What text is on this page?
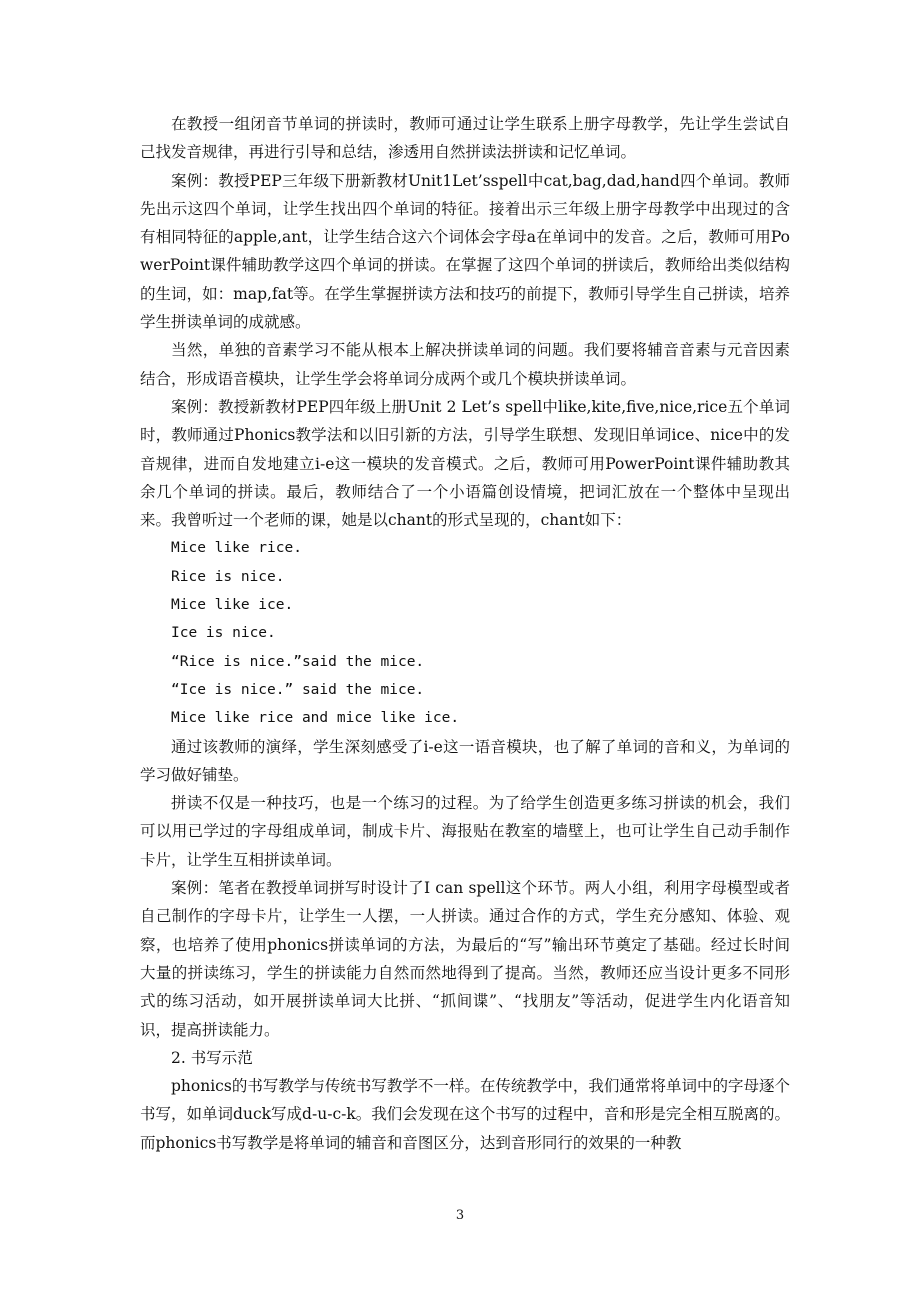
在教授一组闭音节单词的拼读时，教师可通过让学生联系上册字母教学，先让学生尝试自己找发音规律，再进行引导和总结，渗透用自然拼读法拼读和记忆单词。

案例：教授PEP三年级下册新教材Unit1Let’sspell中cat,bag,dad,hand四个单词。教师先出示这四个单词，让学生找出四个单词的特征。接着出示三年级上册字母教学中出现过的含有相同特征的apple,ant，让学生结合这六个词体会字母a在单词中的发音。之后，教师可用PowerPoint课件辅助教学这四个单词的拼读。在掌握了这四个单词的拼读后，教师给出类似结构的生词，如：map,fat等。在学生掌握拼读方法和技巧的前提下，教师引导学生自己拼读，培养学生拼读单词的成就感。

当然，单独的音素学习不能从根本上解决拼读单词的问题。我们要将辅音音素与元音因素结合，形成语音模块，让学生学会将单词分成两个或几个模块拼读单词。

案例：教授新教材PEP四年级上册Unit 2 Let’s spell中like,kite,five,nice,rice五个单词时，教师通过Phonics教学法和以旧引新的方法，引导学生联想、发现旧单词ice、nice中的发音规律，进而自发地建立i-e这一模块的发音模式。之后，教师可用PowerPoint课件辅助教其余几个单词的拼读。最后，教师结合了一个小语篇创设情境，把词汇放在一个整体中呈现出来。我曾听过一个老师的课，她是以chant的形式呈现的，chant如下：

Mice like rice.

Rice is nice.

Mice like ice.

Ice is nice.

“Rice is nice.”said the mice.

“Ice is nice.” said the mice.

Mice like rice and mice like ice.

通过该教师的演绎，学生深刻感受了i-e这一语音模块，也了解了单词的音和义，为单词的学习做好铺垫。

拼读不仅是一种技巧，也是一个练习的过程。为了给学生创造更多练习拼读的机会，我们可以用已学过的字母组成单词，制成卡片、海报贴在教室的墙壁上，也可让学生自己动手制作卡片，让学生互相拼读单词。

案例：笔者在教授单词拼写时设计了I can spell这个环节。两人小组，利用字母模型或者自己制作的字母卡片，让学生一人摆，一人拼读。通过合作的方式，学生充分感知、体验、观察，也培养了使用phonics拼读单词的方法，为最后的“写”输出环节奠定了基础。经过长时间大量的拼读练习，学生的拼读能力自然而然地得到了提高。当然，教师还应当设计更多不同形式的练习活动，如开展拼读单词大比拼、“抓间谍”、“找朋友”等活动，促进学生内化语音知识，提高拼读能力。

2. 书写示范

phonics的书写教学与传统书写教学不一样。在传统教学中，我们通常将单词中的字母逐个书写，如单词duck写成d-u-c-k。我们会发现在这个书写的过程中，音和形是完全相互脱离的。而phonics书写教学是将单词的辅音和音图区分，达到音形同行的效果的一种教

3
